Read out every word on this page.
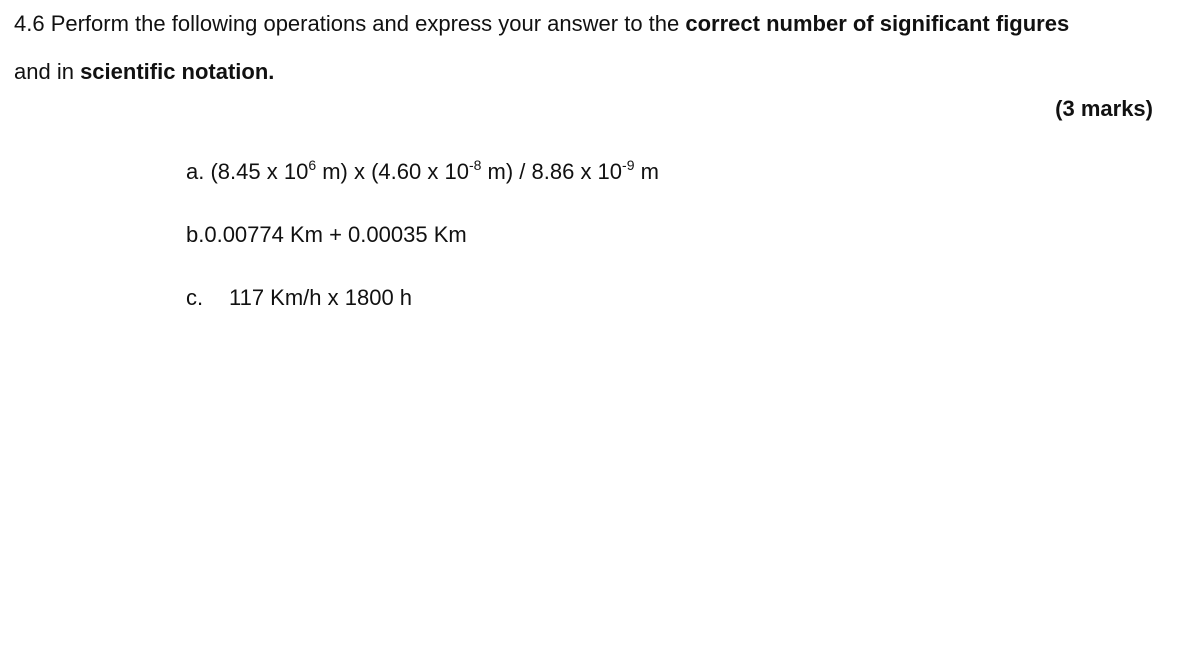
4.6 Perform the following operations and express your answer to the correct number of significant figures
and in scientific notation.
(3 marks)
a. (8.45 x $10^6$ m) x (4.60 x $10^{-8}$ m) / 8.86 x $10^{-9}$ m
b.0.00774 Km + 0.00035 Km
c. 117 Km/h x 1800 h
